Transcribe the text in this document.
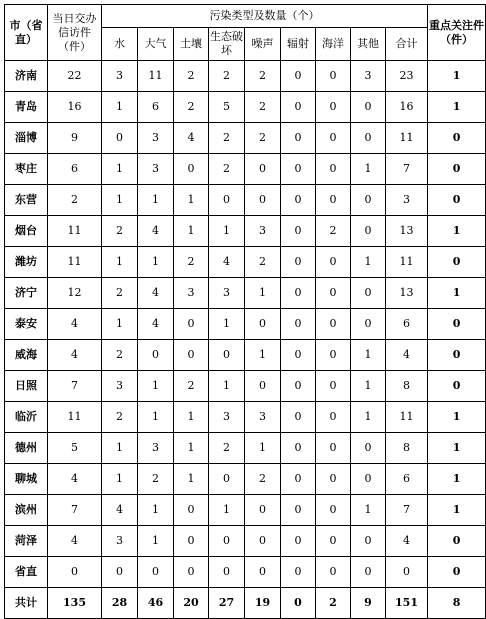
市（省直）	当日交办信访件（件）	污染类型及数量（个）									重点关注件（件）
		水	大气	土壤	生态破坏	噪声	辐射	海洋	其他	合计	
济南	22	3	11	2	2	2	0	0	3	23	1
青岛	16	1	6	2	5	2	0	0	0	16	1
淄博	9	0	3	4	2	2	0	0	0	11	0
枣庄	6	1	3	0	2	0	0	0	1	7	0
东营	2	1	1	1	0	0	0	0	0	3	0
烟台	11	2	4	1	1	3	0	2	0	13	1
潍坊	11	1	1	2	4	2	0	0	1	11	0
济宁	12	2	4	3	3	1	0	0	0	13	1
泰安	4	1	4	0	1	0	0	0	0	6	0
威海	4	2	0	0	0	1	0	0	1	4	0
日照	7	3	1	2	1	0	0	0	1	8	0
临沂	11	2	1	1	3	3	0	0	1	11	1
德州	5	1	3	1	2	1	0	0	0	8	1
聊城	4	1	2	1	0	2	0	0	0	6	1
滨州	7	4	1	0	1	0	0	0	1	7	1
菏泽	4	3	1	0	0	0	0	0	0	4	0
省直	0	0	0	0	0	0	0	0	0	0	0
共计	135	28	46	20	27	19	0	2	9	151	8
